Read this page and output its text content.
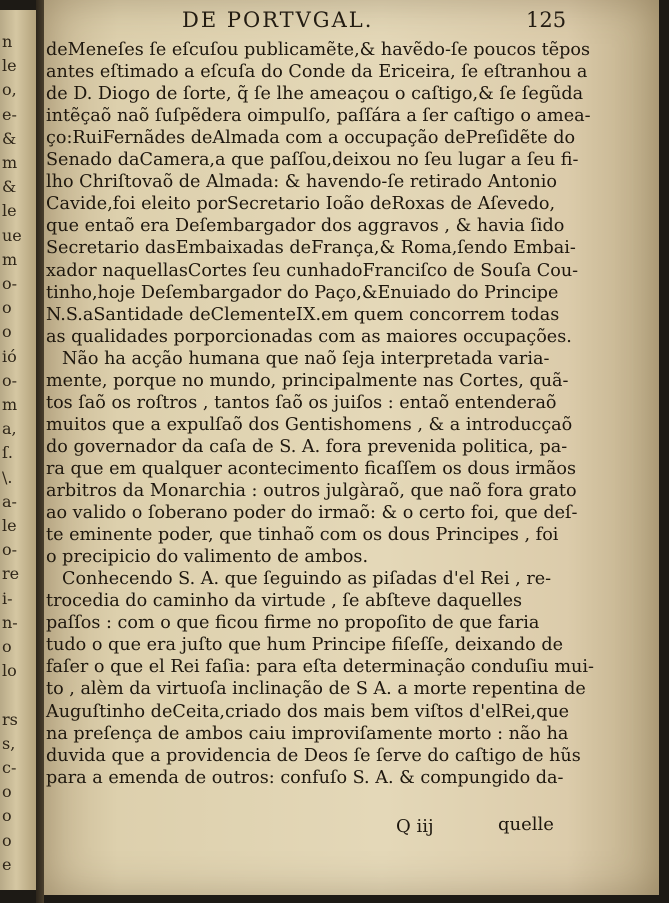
n
le
o,
e-
&
m
&
le
ue
m
o-
o
o
ió
o-
m
a,
ſ.
\.
a-
le
o-
re
i-
n-
o
lo
rs
s,
c-
o
o
o
e
DE PORTVGAL.	125
deMeneſes ſe eſcuſou publicamẽte,& havẽdo-ſe poucos tẽpos
antes eſtimado a eſcuſa do Conde da Ericeira, ſe eſtranhou a
de D. Diogo de ſorte, q̃ ſe lhe ameaçou o caſtigo,& ſe ſegũda
intẽçaõ naõ ſuſpẽdera oimpulſo, paſſára a ſer caſtigo o amea-
ço:RuiFernãdes deAlmada com a occupação dePreſidẽte do
Senado daCamera,a que paſſou,deixou no ſeu lugar a ſeu fi-
lho Chriſtovaõ de Almada: & havendo-ſe retirado Antonio
Cavide,foi eleito porSecretario Ioão deRoxas de Aſevedo,
que entaõ era Deſembargador dos aggravos , & havia ſido
Secretario dasEmbaixadas deFrança,& Roma,ſendo Embai-
xador naquellasCortes ſeu cunhadoFranciſco de Souſa Cou-
tinho,hoje Deſembargador do Paço,&Enuiado do Principe
N.S.aSantidade deClementeIX.em quem concorrem todas
as qualidades porporcionadas com as maiores occupações.
Não ha acção humana que naõ ſeja interpretada varia-
mente, porque no mundo, principalmente nas Cortes, quã-
tos ſaõ os roſtros , tantos ſaõ os juiſos : entaõ entenderaõ
muitos que a expulſaõ dos Gentishomens , & a introducçaõ
do governador da caſa de S. A. fora prevenida politica, pa-
ra que em qualquer acontecimento ficaſſem os dous irmãos
arbitros da Monarchia : outros julgàraõ, que naõ fora grato
ao valido o ſoberano poder do irmaõ: & o certo foi, que deſ-
te eminente poder, que tinhaõ com os dous Principes , foi
o precipicio do valimento de ambos.
Conhecendo S. A. que ſeguindo as piſadas d'el Rei , re-
trocedia do caminho da virtude , ſe abſteve daquelles
paſſos : com o que ficou firme no propoſito de que faria
tudo o que era juſto que hum Principe fiſeſſe, deixando de
faſer o que el Rei faſia: para eſta determinação conduſiu mui-
to , alèm da virtuoſa inclinação de S A. a morte repentina de
Auguſtinho deCeita,criado dos mais bem viſtos d'elRei,que
na preſença de ambos caiu improviſamente morto : não ha
duvida que a providencia de Deos ſe ſerve do caſtigo de hũs
para a emenda de outros: confuſo S. A. & compungido da-
Q iij	quelle
